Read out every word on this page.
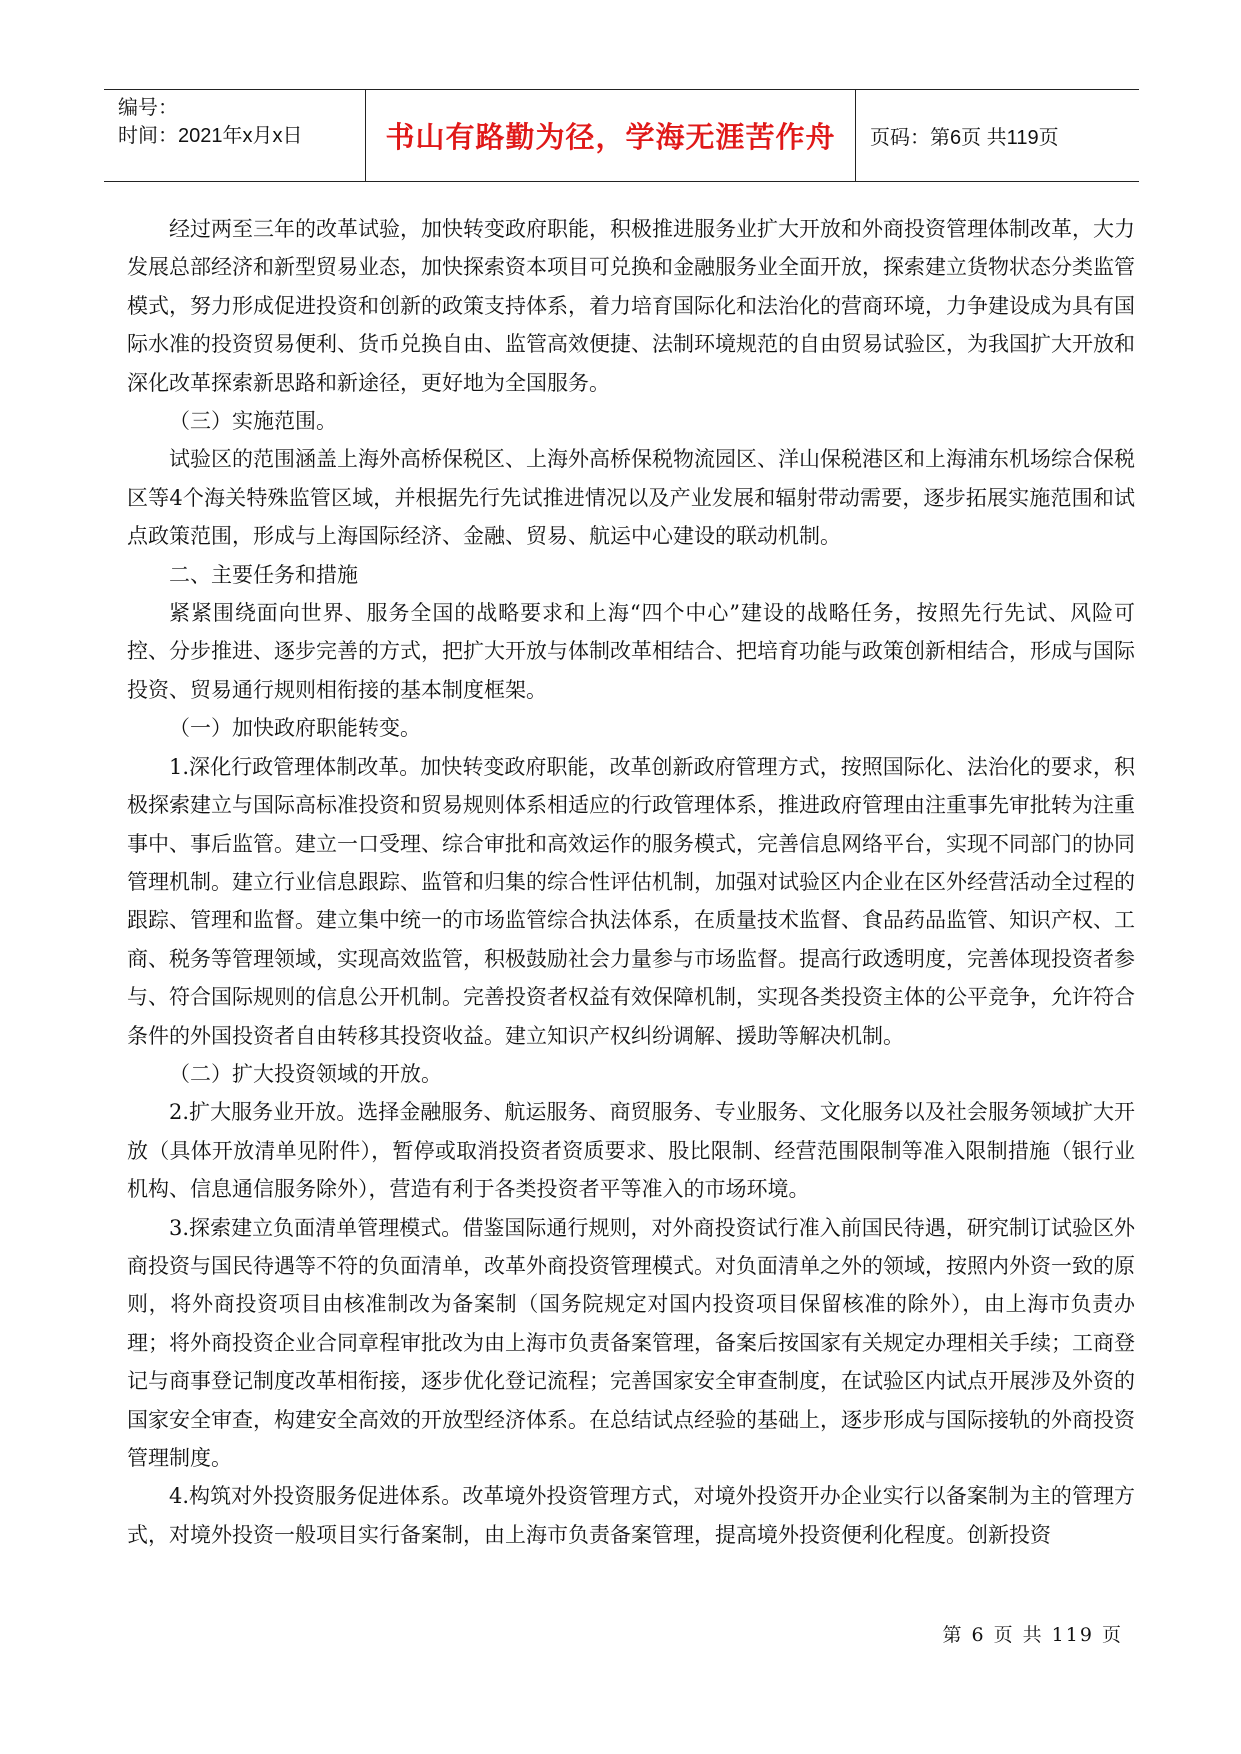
编号：
时间：2021年x月x日	书山有路勤为径，学海无涯苦作舟 页码：第6页 共119页

经过两至三年的改革试验，加快转变政府职能，积极推进服务业扩大开放和外商投资管理体制改革，大力发展总部经济和新型贸易业态，加快探索资本项目可兑换和金融服务业全面开放，探索建立货物状态分类监管模式，努力形成促进投资和创新的政策支持体系，着力培育国际化和法治化的营商环境，力争建设成为具有国际水准的投资贸易便利、货币兑换自由、监管高效便捷、法制环境规范的自由贸易试验区，为我国扩大开放和深化改革探索新思路和新途径，更好地为全国服务。

（三）实施范围。

试验区的范围涵盖上海外高桥保税区、上海外高桥保税物流园区、洋山保税港区和上海浦东机场综合保税区等4个海关特殊监管区域，并根据先行先试推进情况以及产业发展和辐射带动需要，逐步拓展实施范围和试点政策范围，形成与上海国际经济、金融、贸易、航运中心建设的联动机制。

二、主要任务和措施

紧紧围绕面向世界、服务全国的战略要求和上海“四个中心”建设的战略任务，按照先行先试、风险可控、分步推进、逐步完善的方式，把扩大开放与体制改革相结合、把培育功能与政策创新相结合，形成与国际投资、贸易通行规则相衔接的基本制度框架。

（一）加快政府职能转变。

1.深化行政管理体制改革。加快转变政府职能，改革创新政府管理方式，按照国际化、法治化的要求，积极探索建立与国际高标准投资和贸易规则体系相适应的行政管理体系，推进政府管理由注重事先审批转为注重事中、事后监管。建立一口受理、综合审批和高效运作的服务模式，完善信息网络平台，实现不同部门的协同管理机制。建立行业信息跟踪、监管和归集的综合性评估机制，加强对试验区内企业在区外经营活动全过程的跟踪、管理和监督。建立集中统一的市场监管综合执法体系，在质量技术监督、食品药品监管、知识产权、工商、税务等管理领域，实现高效监管，积极鼓励社会力量参与市场监督。提高行政透明度，完善体现投资者参与、符合国际规则的信息公开机制。完善投资者权益有效保障机制，实现各类投资主体的公平竞争，允许符合条件的外国投资者自由转移其投资收益。建立知识产权纠纷调解、援助等解决机制。

（二）扩大投资领域的开放。

2.扩大服务业开放。选择金融服务、航运服务、商贸服务、专业服务、文化服务以及社会服务领域扩大开放（具体开放清单见附件），暂停或取消投资者资质要求、股比限制、经营范围限制等准入限制措施（银行业机构、信息通信服务除外），营造有利于各类投资者平等准入的市场环境。

3.探索建立负面清单管理模式。借鉴国际通行规则，对外商投资试行准入前国民待遇，研究制订试验区外商投资与国民待遇等不符的负面清单，改革外商投资管理模式。对负面清单之外的领域，按照内外资一致的原则，将外商投资项目由核准制改为备案制（国务院规定对国内投资项目保留核准的除外），由上海市负责办理；将外商投资企业合同章程审批改为由上海市负责备案管理，备案后按国家有关规定办理相关手续；工商登记与商事登记制度改革相衔接，逐步优化登记流程；完善国家安全审查制度，在试验区内试点开展涉及外资的国家安全审查，构建安全高效的开放型经济体系。在总结试点经验的基础上，逐步形成与国际接轨的外商投资管理制度。

4.构筑对外投资服务促进体系。改革境外投资管理方式，对境外投资开办企业实行以备案制为主的管理方式，对境外投资一般项目实行备案制，由上海市负责备案管理，提高境外投资便利化程度。创新投资

第 6 页 共 119 页
